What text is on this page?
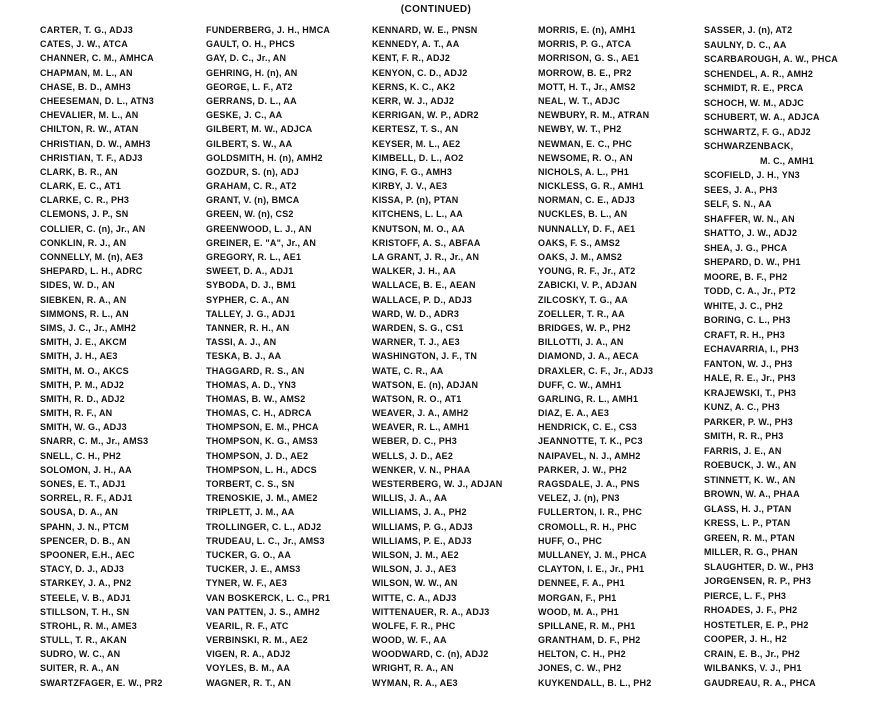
(CONTINUED)
CARTER, T. G., ADJ3
CATES, J. W., ATCA
CHANNER, C. M., AMHCA
CHAPMAN, M. L., AN
CHASE, B. D., AMH3
CHEESEMAN, D. L., ATN3
CHEVALIER, M. L., AN
CHILTON, R. W., ATAN
CHRISTIAN, D. W., AMH3
CHRISTIAN, T. F., ADJ3
CLARK, B. R., AN
CLARK, E. C., AT1
CLARKE, C. R., PH3
CLEMONS, J. P., SN
COLLIER, C. (n), Jr., AN
CONKLIN, R. J., AN
CONNELLY, M. (n), AE3
SHEPARD, L. H., ADRC
SIDES, W. D., AN
SIEBKEN, R. A., AN
SIMMONS, R. L., AN
SIMS, J. C., Jr., AMH2
SMITH, J. E., AKCM
SMITH, J. H., AE3
SMITH, M. O., AKCS
SMITH, P. M., ADJ2
SMITH, R. D., ADJ2
SMITH, R. F., AN
SMITH, W. G., ADJ3
SNARR, C. M., Jr., AMS3
SNELL, C. H., PH2
SOLOMON, J. H., AA
SONES, E. T., ADJ1
SORREL, R. F., ADJ1
SOUSA, D. A., AN
SPAHN, J. N., PTCM
SPENCER, D. B., AN
SPOONER, E.H., AEC
STACY, D. J., ADJ3
STARKEY, J. A., PN2
STEELE, V. B., ADJ1
STILLSON, T. H., SN
STROHL, R. M., AME3
STULL, T. R., AKAN
SUDRO, W. C., AN
SUITER, R. A., AN
SWARTZFAGER, E. W., PR2
FUNDERBERG, J. H., HMCA
GAULT, O. H., PHCS
GAY, D. C., Jr., AN
GEHRING, H. (n), AN
GEORGE, L. F., AT2
GERRANS, D. L., AA
GESKE, J. C., AA
GILBERT, M. W., ADJCA
GILBERT, S. W., AA
GOLDSMITH, H. (n), AMH2
GOZDUR, S. (n), ADJ
GRAHAM, C. R., AT2
GRANT, V. (n), BMCA
GREEN, W. (n), CS2
GREENWOOD, L. J., AN
GREINER, E. "A", Jr., AN
GREGORY, R. L., AE1
SWEET, D. A., ADJ1
SYBODA, D. J., BM1
SYPHER, C. A., AN
TALLEY, J. G., ADJ1
TANNER, R. H., AN
TASSI, A. J., AN
TESKA, B. J., AA
THAGGARD, R. S., AN
THOMAS, A. D., YN3
THOMAS, B. W., AMS2
THOMAS, C. H., ADRCA
THOMPSON, E. M., PHCA
THOMPSON, K. G., AMS3
THOMPSON, J. D., AE2
THOMPSON, L. H., ADCS
TORBERT, C. S., SN
TRENOSKIE, J. M., AME2
TRIPLETT, J. M., AA
TROLLINGER, C. L., ADJ2
TRUDEAU, L. C., Jr., AMS3
TUCKER, G. O., AA
TUCKER, J. E., AMS3
TYNER, W. F., AE3
VAN BOSKERCK, L. C., PR1
VAN PATTEN, J. S., AMH2
VEARIL, R. F., ATC
VERBINSKI, R. M., AE2
VIGEN, R. A., ADJ2
VOYLES, B. M., AA
WAGNER, R. T., AN
KENNARD, W. E., PNSN
KENNEDY, A. T., AA
KENT, F. R., ADJ2
KENYON, C. D., ADJ2
KERNS, K. C., AK2
KERR, W. J., ADJ2
KERRIGAN, W. P., ADR2
KERTESZ, T. S., AN
KEYSER, M. L., AE2
KIMBELL, D. L., AO2
KING, F. G., AMH3
KIRBY, J. V., AE3
KISSA, P. (n), PTAN
KITCHENS, L. L., AA
KNUTSON, M. O., AA
KRISTOFF, A. S., ABFAA
LA GRANT, J. R., Jr., AN
WALKER, J. H., AA
WALLACE, B. E., AEAN
WALLACE, P. D., ADJ3
WARD, W. D., ADR3
WARDEN, S. G., CS1
WARNER, T. J., AE3
WASHINGTON, J. F., TN
WATE, C. R., AA
WATSON, E. (n), ADJAN
WATSON, R. O., AT1
WEAVER, J. A., AMH2
WEAVER, R. L., AMH1
WEBER, D. C., PH3
WELLS, J. D., AE2
WENKER, V. N., PHAA
WESTERBERG, W. J., ADJAN
WILLIS, J. A., AA
WILLIAMS, J. A., PH2
WILLIAMS, P. G., ADJ3
WILLIAMS, P. E., ADJ3
WILSON, J. M., AE2
WILSON, J. J., AE3
WILSON, W. W., AN
WITTE, C. A., ADJ3
WITTENAUER, R. A., ADJ3
WOLFE, F. R., PHC
WOOD, W. F., AA
WOODWARD, C. (n), ADJ2
WRIGHT, R. A., AN
WYMAN, R. A., AE3
MORRIS, E. (n), AMH1
MORRIS, P. G., ATCA
MORRISON, G. S., AE1
MORROW, B. E., PR2
MOTT, H. T., Jr., AMS2
NEAL, W. T., ADJC
NEWBURY, R. M., ATRAN
NEWBY, W. T., PH2
NEWMAN, E. C., PHC
NEWSOME, R. O., AN
NICHOLS, A. L., PH1
NICKLESS, G. R., AMH1
NORMAN, C. E., ADJ3
NUCKLES, B. L., AN
NUNNALLY, D. F., AE1
OAKS, F. S., AMS2
OAKS, J. M., AMS2
YOUNG, R. F., Jr., AT2
ZABICKI, V. P., ADJAN
ZILCOSKY, T. G., AA
ZOELLER, T. R., AA
BRIDGES, W. P., PH2
BILLOTTI, J. A., AN
DIAMOND, J. A., AECA
DRAXLER, C. F., Jr., ADJ3
DUFF, C. W., AMH1
GARLING, R. L., AMH1
DIAZ, E. A., AE3
HENDRICK, C. E., CS3
JEANNOTTE, T. K., PC3
NAIPAVEL, N. J., AMH2
PARKER, J. W., PH2
RAGSDALE, J. A., PNS
VELEZ, J. (n), PN3
FULLERTON, I. R., PHC
CROMOLL, R. H., PHC
HUFF, O., PHC
MULLANEY, J. M., PHCA
CLAYTON, I. E., Jr., PH1
DENNEE, F. A., PH1
MORGAN, F., PH1
WOOD, M. A., PH1
SPILLANE, R. M., PH1
GRANTHAM, D. F., PH2
HELTON, C. H., PH2
JONES, C. W., PH2
KUYKENDALL, B. L., PH2
SASSER, J. (n), AT2
SAULNY, D. C., AA
SCARBAROUGH, A. W., PHCA
SCHENDEL, A. R., AMH2
SCHMIDT, R. E., PRCA
SCHOCH, W. M., ADJC
SCHUBERT, W. A., ADJCA
SCHWARTZ, F. G., ADJ2
SCHWARZENBACK,
M. C., AMH1
SCOFIELD, J. H., YN3
SEES, J. A., PH3
SELF, S. N., AA
SHAFFER, W. N., AN
SHATTO, J. W., ADJ2
SHEA, J. G., PHCA
SHEPARD, D. W., PH1
MOORE, B. F., PH2
TODD, C. A., Jr., PT2
WHITE, J. C., PH2
BORING, C. L., PH3
CRAFT, R. H., PH3
ECHAVARRIA, I., PH3
FANTON, W. J., PH3
HALE, R. E., Jr., PH3
KRAJEWSKI, T., PH3
KUNZ, A. C., PH3
PARKER, P. W., PH3
SMITH, R. R., PH3
FARRIS, J. E., AN
ROEBUCK, J. W., AN
STINNETT, K. W., AN
BROWN, W. A., PHAA
GLASS, H. J., PTAN
KRESS, L. P., PTAN
GREEN, R. M., PTAN
MILLER, R. G., PHAN
SLAUGHTER, D. W., PH3
JORGENSEN, R. P., PH3
PIERCE, L. F., PH3
RHOADES, J. F., PH2
HOSTETLER, E. P., PH2
COOPER, J. H., H2
CRAIN, E. B., Jr., PH2
WILBANKS, V. J., PH1
GAUDREAU, R. A., PHCA
